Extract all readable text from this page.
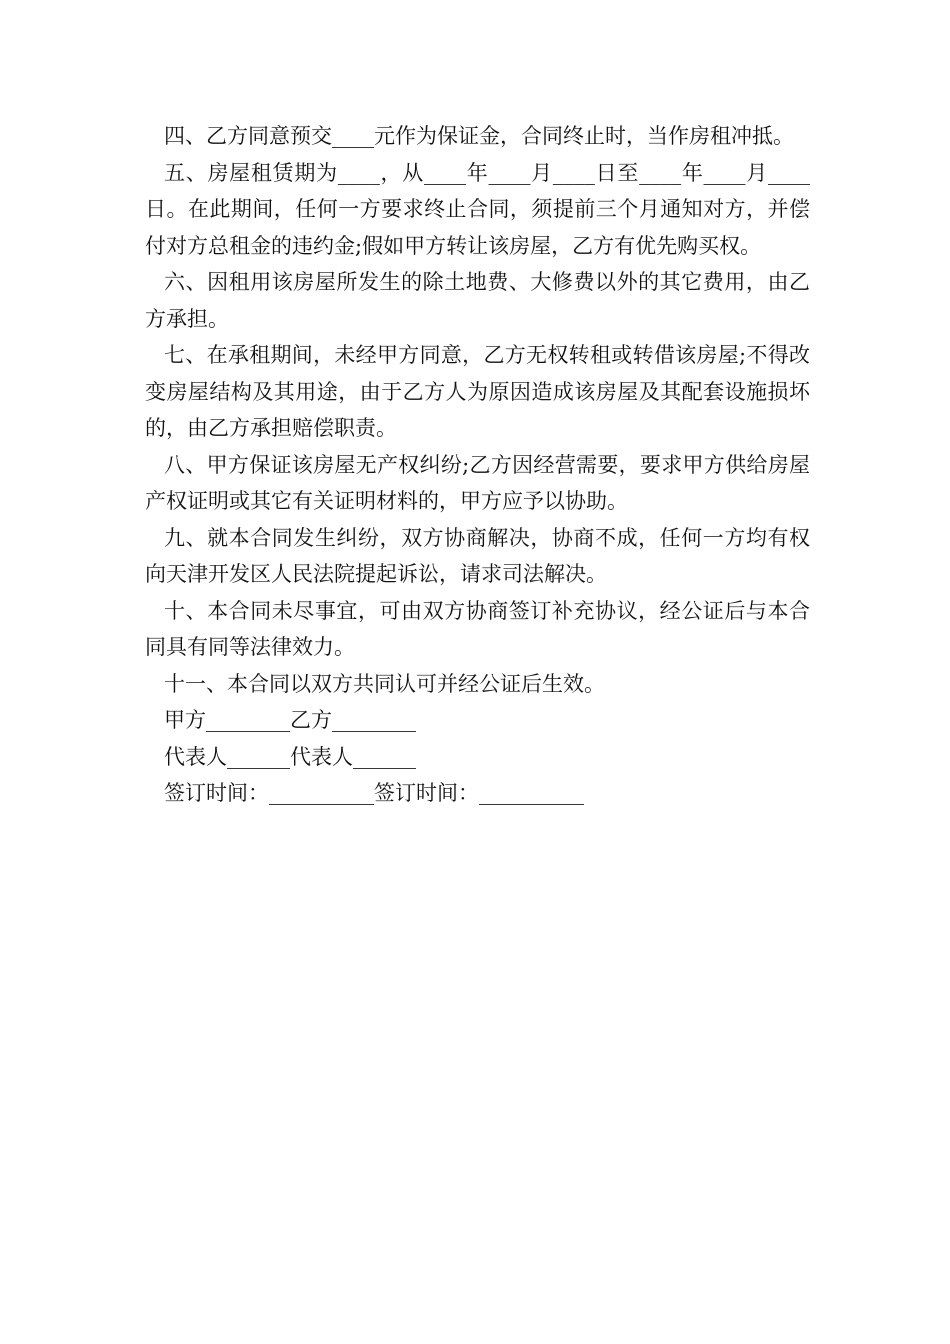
四、乙方同意预交____元作为保证金，合同终止时，当作房租冲抵。

五、房屋租赁期为____，从____年____月____日至____年____月____日。在此期间，任何一方要求终止合同，须提前三个月通知对方，并偿付对方总租金的违约金;假如甲方转让该房屋，乙方有优先购买权。

六、因租用该房屋所发生的除土地费、大修费以外的其它费用，由乙方承担。

七、在承租期间，未经甲方同意，乙方无权转租或转借该房屋;不得改变房屋结构及其用途，由于乙方人为原因造成该房屋及其配套设施损坏的，由乙方承担赔偿职责。

八、甲方保证该房屋无产权纠纷;乙方因经营需要，要求甲方供给房屋产权证明或其它有关证明材料的，甲方应予以协助。

九、就本合同发生纠纷，双方协商解决，协商不成，任何一方均有权向天津开发区人民法院提起诉讼，请求司法解决。

十、本合同未尽事宜，可由双方协商签订补充协议，经公证后与本合同具有同等法律效力。

十一、本合同以双方共同认可并经公证后生效。

甲方________乙方________

代表人______代表人______

签订时间：__________签订时间：__________
